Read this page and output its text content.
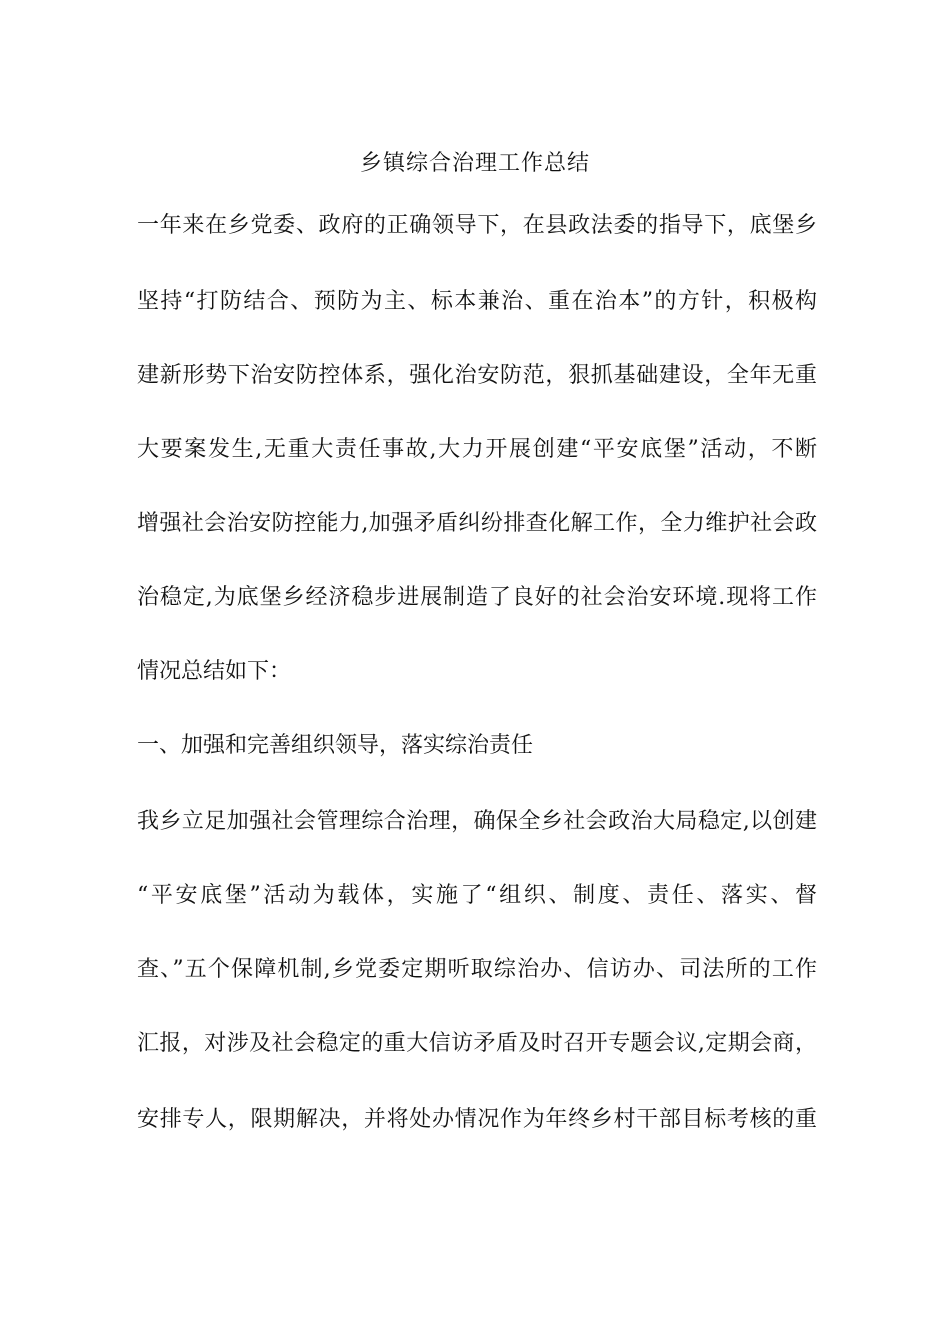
乡镇综合治理工作总结
一年来在乡党委、政府的正确领导下，在县政法委的指导下，底堡乡
坚持“打防结合、预防为主、标本兼治、重在治本”的方针，积极构
建新形势下治安防控体系，强化治安防范，狠抓基础建设，全年无重
大要案发生,无重大责任事故,大力开展创建“平安底堡”活动，不断
增强社会治安防控能力,加强矛盾纠纷排查化解工作，全力维护社会政
治稳定,为底堡乡经济稳步进展制造了良好的社会治安环境.现将工作
情况总结如下：
一、加强和完善组织领导，落实综治责任
我乡立足加强社会管理综合治理，确保全乡社会政治大局稳定,以创建
“平安底堡”活动为载体，实施了“组织、制度、责任、落实、督
查、”五个保障机制,乡党委定期听取综治办、信访办、司法所的工作
汇报，对涉及社会稳定的重大信访矛盾及时召开专题会议,定期会商，
安排专人，限期解决，并将处办情况作为年终乡村干部目标考核的重
